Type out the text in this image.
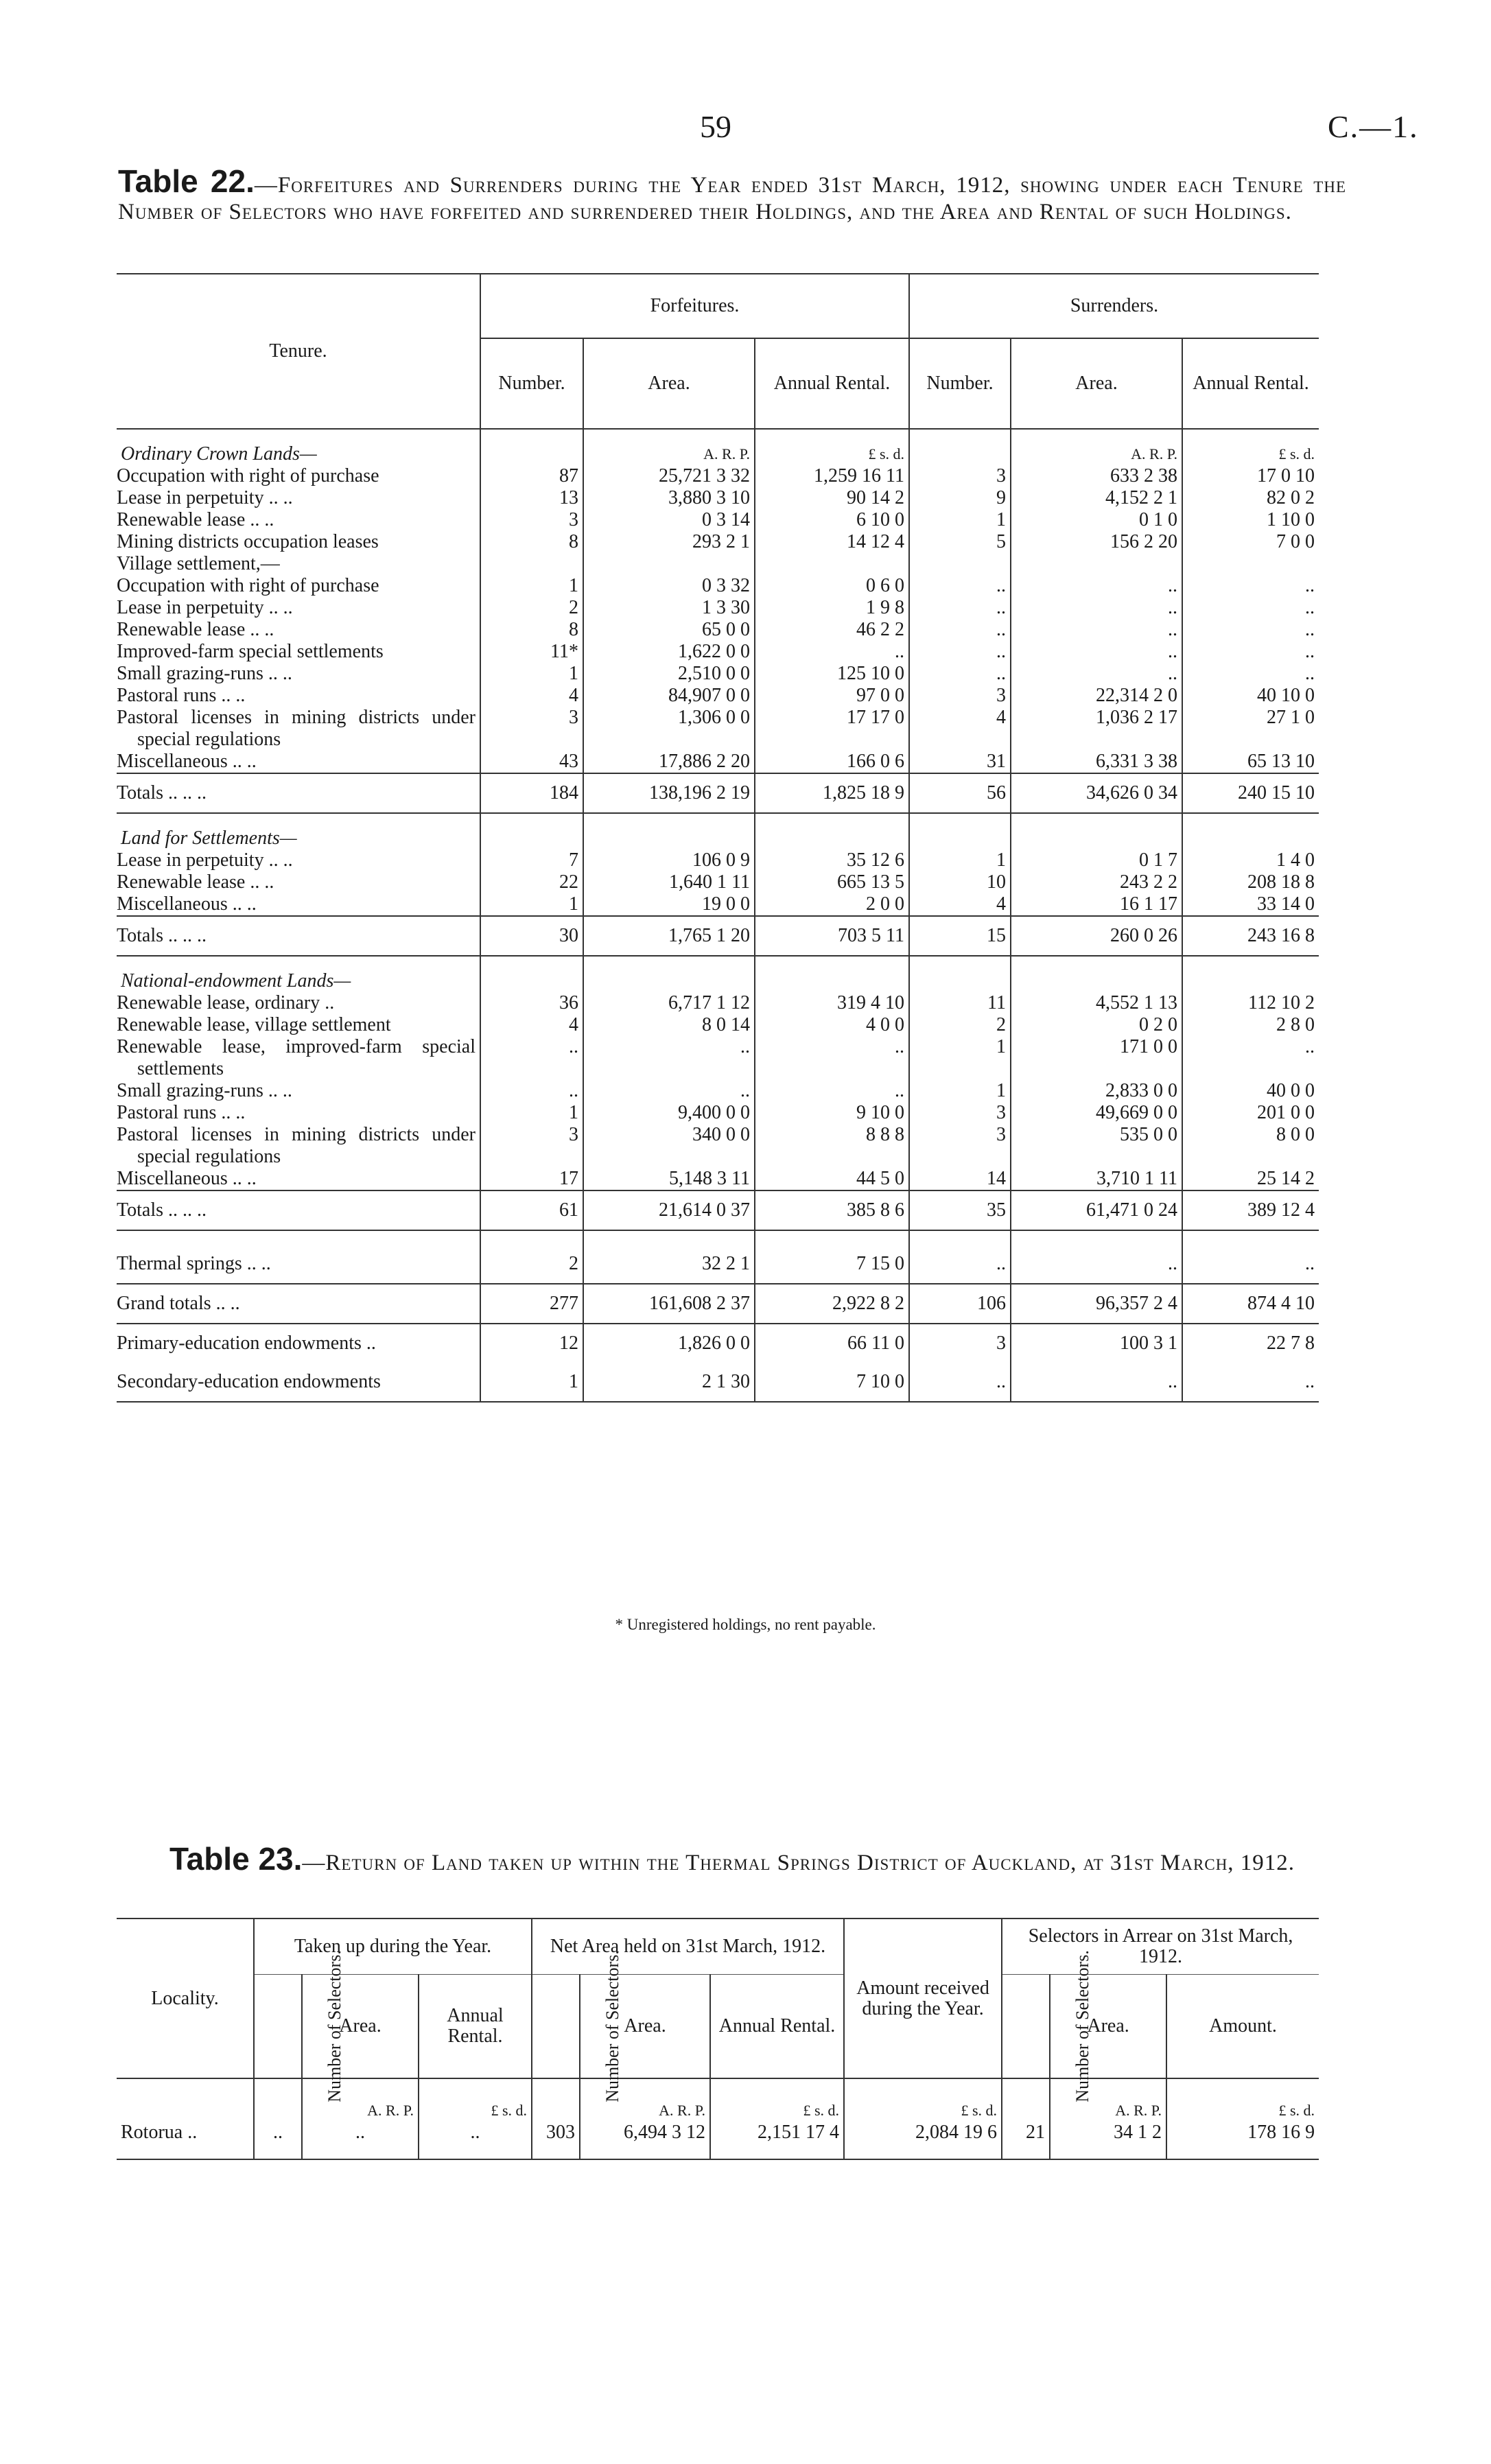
59	C.—1.
Table 22.—Forfeitures and Surrenders during the Year ended 31st March, 1912, showing under each Tenure the Number of Selectors who have forfeited and surrendered their Holdings, and the Area and Rental of such Holdings.
Tenure.	Forfeitures.			Surrenders.		
	Number.	Area.	Annual Rental.	Number.	Area.	Annual Rental.

Ordinary Crown Lands—		A. R. P.	£ s. d.		A. R. P.	£ s. d.
Occupation with right of purchase	87	25,721 3 32	1,259 16 11	3	633 2 38	17 0 10
Lease in perpetuity .. ..	13	3,880 3 10	90 14 2	9	4,152 2 1	82 0 2
Renewable lease .. ..	3	0 3 14	6 10 0	1	0 1 0	1 10 0
Mining districts occupation leases	8	293 2 1	14 12 4	5	156 2 20	7 0 0
Village settlement,—						
Occupation with right of purchase	1	0 3 32	0 6 0	..	..	..
Lease in perpetuity .. ..	2	1 3 30	1 9 8	..	..	..
Renewable lease .. ..	8	65 0 0	46 2 2	..	..	..
Improved-farm special settlements	11*	1,622 0 0	..	..	..	..
Small grazing-runs .. ..	1	2,510 0 0	125 10 0	..	..	..
Pastoral runs .. ..	4	84,907 0 0	97 0 0	3	22,314 2 0	40 10 0
Pastoral licenses in mining districts under special regulations	3	1,306 0 0	17 17 0	4	1,036 2 17	27 1 0
Miscellaneous .. ..	43	17,886 2 20	166 0 6	31	6,331 3 38	65 13 10
Totals .. .. ..	184	138,196 2 19	1,825 18 9	56	34,626 0 34	240 15 10

Land for Settlements—						
Lease in perpetuity .. ..	7	106 0 9	35 12 6	1	0 1 7	1 4 0
Renewable lease .. ..	22	1,640 1 11	665 13 5	10	243 2 2	208 18 8
Miscellaneous .. ..	1	19 0 0	2 0 0	4	16 1 17	33 14 0
Totals .. .. ..	30	1,765 1 20	703 5 11	15	260 0 26	243 16 8

National-endowment Lands—						
Renewable lease, ordinary ..	36	6,717 1 12	319 4 10	11	4,552 1 13	112 10 2
Renewable lease, village settlement	4	8 0 14	4 0 0	2	0 2 0	2 8 0
Renewable lease, improved-farm special settlements	..	..	..	1	171 0 0	..
Small grazing-runs .. ..	..	..	..	1	2,833 0 0	40 0 0
Pastoral runs .. ..	1	9,400 0 0	9 10 0	3	49,669 0 0	201 0 0
Pastoral licenses in mining districts under special regulations	3	340 0 0	8 8 8	3	535 0 0	8 0 0
Miscellaneous .. ..	17	5,148 3 11	44 5 0	14	3,710 1 11	25 14 2
Totals .. .. ..	61	21,614 0 37	385 8 6	35	61,471 0 24	389 12 4

Thermal springs .. ..	2	32 2 1	7 15 0	..	..	..
Grand totals .. ..	277	161,608 2 37	2,922 8 2	106	96,357 2 4	874 4 10
Primary-education endowments ..	12	1,826 0 0	66 11 0	3	100 3 1	22 7 8
Secondary-education endowments	1	2 1 30	7 10 0	..	..	..
* Unregistered holdings, no rent payable.
Table 23.—Return of Land taken up within the Thermal Springs District of Auckland, at 31st March, 1912.
Locality.	Taken up during the Year.			Net Area held on 31st March, 1912.			Amount received during the Year.	Selectors in Arrear on 31st March, 1912.		
	Number of Selectors.	Area.	Annual Rental.	Number of Selectors.	Area.	Annual Rental.		Number of Selectors.	Area.	Amount.
		A. R. P.	£ s. d.		A. R. P.	£ s. d.	£ s. d.		A. R. P.	£ s. d.
Rotorua ..	..	..	..	303	6,494 3 12	2,151 17 4	2,084 19 6	21	34 1 2	178 16 9
